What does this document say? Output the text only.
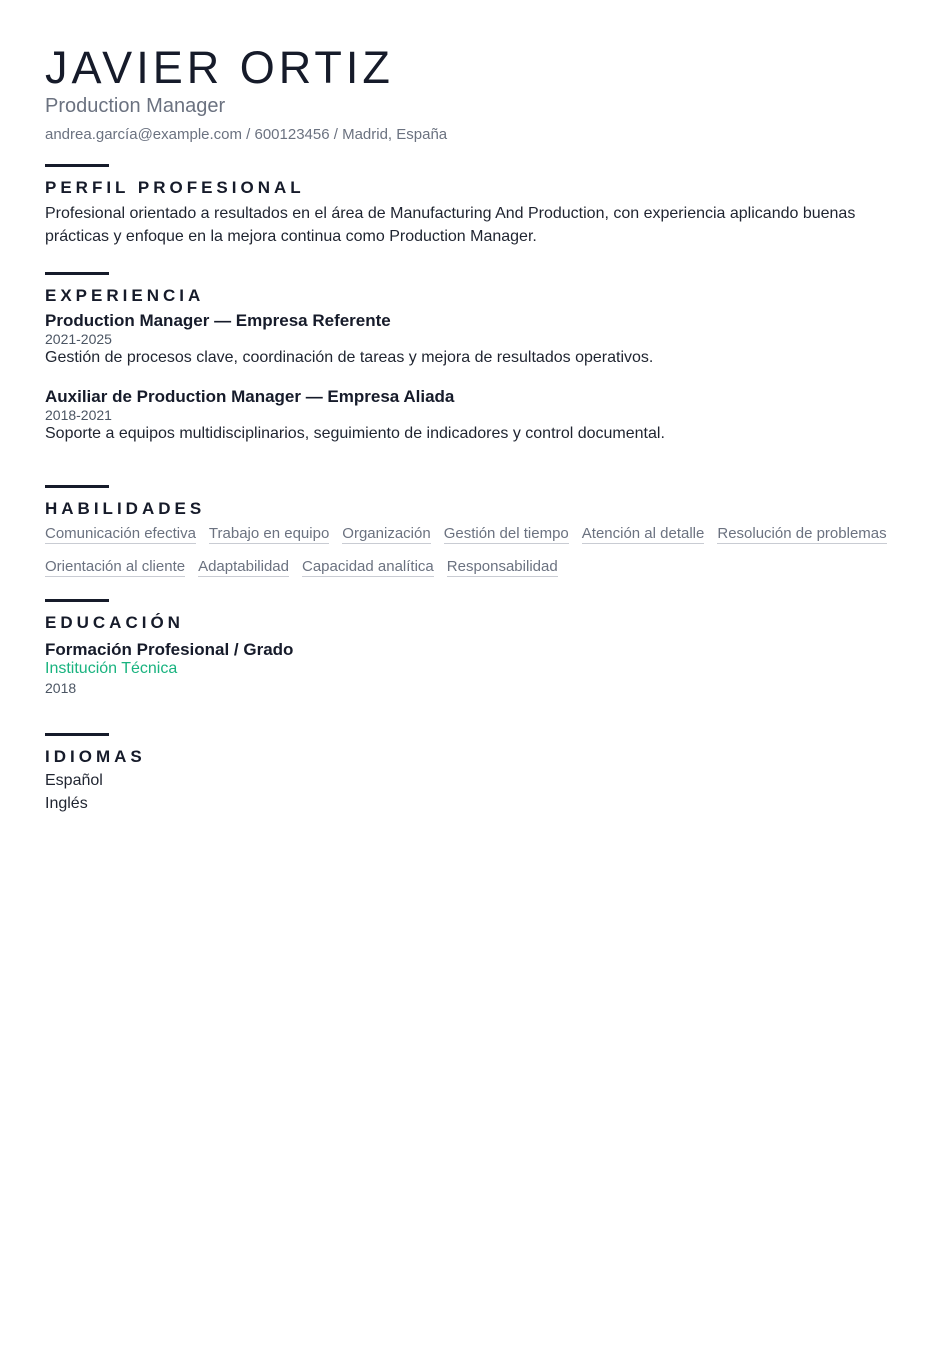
JAVIER ORTIZ

Production Manager

andrea.garcía@example.com / 600123456 / Madrid, España

PERFIL PROFESIONAL

Profesional orientado a resultados en el área de Manufacturing And Production, con experiencia aplicando buenas prácticas y enfoque en la mejora continua como Production Manager.

EXPERIENCIA

Production Manager — Empresa Referente

2021-2025

Gestión de procesos clave, coordinación de tareas y mejora de resultados operativos.

Auxiliar de Production Manager — Empresa Aliada

2018-2021

Soporte a equipos multidisciplinarios, seguimiento de indicadores y control documental.

HABILIDADES
Comunicación efectiva Trabajo en equipo Organización Gestión del tiempo Atención al detalle Resolución de problemas
Orientación al cliente Adaptabilidad Capacidad analítica Responsabilidad
EDUCACIÓN

Formación Profesional / Grado

Institución Técnica

2018

IDIOMAS

Español

Inglés
